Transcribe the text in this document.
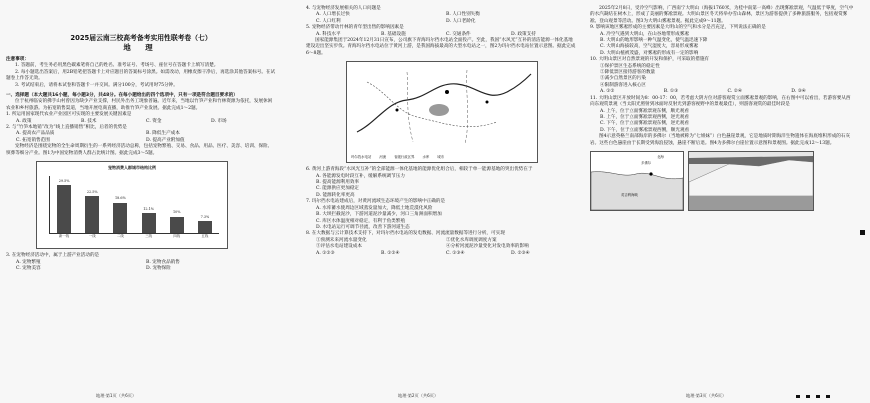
2025届云南三校高考备考实用性联考卷（七）

地 理

注意事项：

1. 答题前，考生务必用黑色碳素笔将自己的姓名、准考证号、考场号、座位号在答题卡上填写清楚。

2. 每小题选出答案后，用2B铅笔把答题卡上对应题目的答案标号涂黑。如需改动，用橡皮擦干净后，再选涂其他答案标号。在试题卷上作答无效。

3. 考试结束后，请将本试卷和答题卡一并交回。满分100分，考试用时75分钟。

一、选择题（本大题共16小题，每小题3分，共48分。在每小题给出的四个选项中，只有一项是符合题目要求的）

位于杭州临安的佛手山村曾因为缺少产业支撑，村民外出务工现象普遍。近年来，当地以竹笋产业和竹林资源为依托，发展休闲农业和乡村旅游。为拓宽销售渠道，当地开展电商直播，助推竹笋产业发展。据此完成1～2题。

1. 所运用国家现代农业产业园区可实现的主要发展关键因素是

A. 政策	B. 技术	C. 资金	D. 市场

2. 与“竹笋本地销”改为“线上直播销售”相比，后者的优势是

A. 提高农产品品质	B. 降低生产成本
C. 拓宽销售范围	D. 提高产业附加值

宠物经济是围绕宠物的全生命周期衍生的一系列经济活动总称，包括宠物繁殖、交易、食品、用品、医疗、美容、培训、保险、殡葬等细分产业。图1为中国宠物消费人群占比统计图。据此完成3～5题。

宠物消费人群城市结构比例
29.5%
新一线
22.5%
一线
18.6%
二线
12.1%
三线
10%
四线
7.3%
五线

3. 在宠物经济活动中，属于上游产业活动的是

A. 宠物繁殖	B. 宠物食品销售
C. 宠物美容	D. 宠物保险

4. 与宠物经济发展相关的人口问题是

A. 人口增长过快	B. 人口性别失衡
C. 人口红利	D. 人口老龄化

5. 宠物经济带动竹林的青年型出售的影响因素是

A. 科技水平	B. 基础设施	C. 交通条件	D. 政策支持

国家能源集团于2024年12月31日宣布，公司旗下青海玛尔挡水电站全面投产。至此，我国“水风光”互补的清洁能源一体化基地建设迈出坚实步伐。青海玛尔挡水电站位于黄河上游，是我国海拔最高的大型水电站之一，图2为玛尔挡水电站位置示意图。据此完成6～8题。

玛尔挡水电站 河流 省级行政区界 水库 城市

6. 黄河上游青海段“水风光互补”的全部能源一体化基地的能源优化组合后，相较于单一能源基地的突出优势在于

A. 各能源发电时段互补，缓解系统调节压力

B. 提高能源利用效率

C. 能源供应更加稳定

D. 能源转化率更高

7. 玛尔挡水电站建成后，对黄河流域生态环境产生的影响中正确的是

A. 水库蓄水使周边区域蒸发量加大，降低土地荒漠化风险

B. 大坝拦截泥沙，下游河道泥沙量减少，河口三角洲面积增加

C. 库区水体温度相对稳定，有利于鱼类繁殖

D. 水电站运行可调节径流，改善下游河道生态

8. 在大数据与云计算技术支持下，对玛尔挡水电站的发电数据、河流流量数据等进行分析，可实现

①预测未来河流水量变化	②优化水库调度调度方案
③评估水电站建设成本	④分析河流泥沙量变化对发电效率的影响
A. ①②③	B. ①②④	C. ①③④	D. ②③④

2025年2月8日，受冷空气影响，广西南宁大明山（海拔1760米，为桂中南第一高峰）出现雾凇景观，气温低于零度，空气中的水汽凝结在树木上，形成了美丽的雾凇景观。大明山景区冬天将举办雪山森林，景区为游客提供了多种旅游服务，包括观赏雾凇、登山观景等活动。图3为大明山雾凇景观。据此完成9～11题。

9. 影响该地区雾凇形成的主要因素是大明山的空气和水分是否充足，下列说法正确的是

A. 冷空气遇到大明山，在山谷地带形成雾凇

B. 大明山的地形影响一种气温变化，使气温迅速下降

C. 大明山海拔较高，空气湿度大，容易形成雾凇

D. 大明山植被茂盛，对雾凇的形成有一定的影响

10. 大明山景区对自然景观的开发和保护，可采取的措施有

①保护景区生态系统的稳定性

②降低景区接待游客的数量

③减少自然景区的污染

④限制游客进入核心区

A. ①②	B. ①③	C. ②④	D. ③④

11. 大明山景区开放时间为8：00-17：00，若考虑大阴方位对游客观赏立面雾凇景观的影响，在右图中可以看出，若游客要从西向东观赏景观（当太阳光照射到冰面时反射光到游客视野中的景观最佳），则游客观赏的最佳时段是

A. 上午，位于立面雾凇景观东侧，顺光观看

B. 上午，位于立面雾凇景观西侧，逆光观看

C. 下午，位于立面雾凇景观东侧，逆光观看

D. 下午，位于立面雾凇景观西侧，顺光观看

图4示意英格兰南部海岸的多佛尔（当地被称为“七姐妹”）白色悬崖景观，它是地质时期海洋生物遗体在海底堆积形成的石灰岩。这些白色悬崖由于长期受到海浪侵蚀，悬崖不断后退。图4为多佛尔白崖位置示意图和景观图。据此完成12～13题。

多佛尔
英吉利海峡
北海
地理·第1页（共6页）	地理·第2页（共6页）	地理·第3页（共6页）
